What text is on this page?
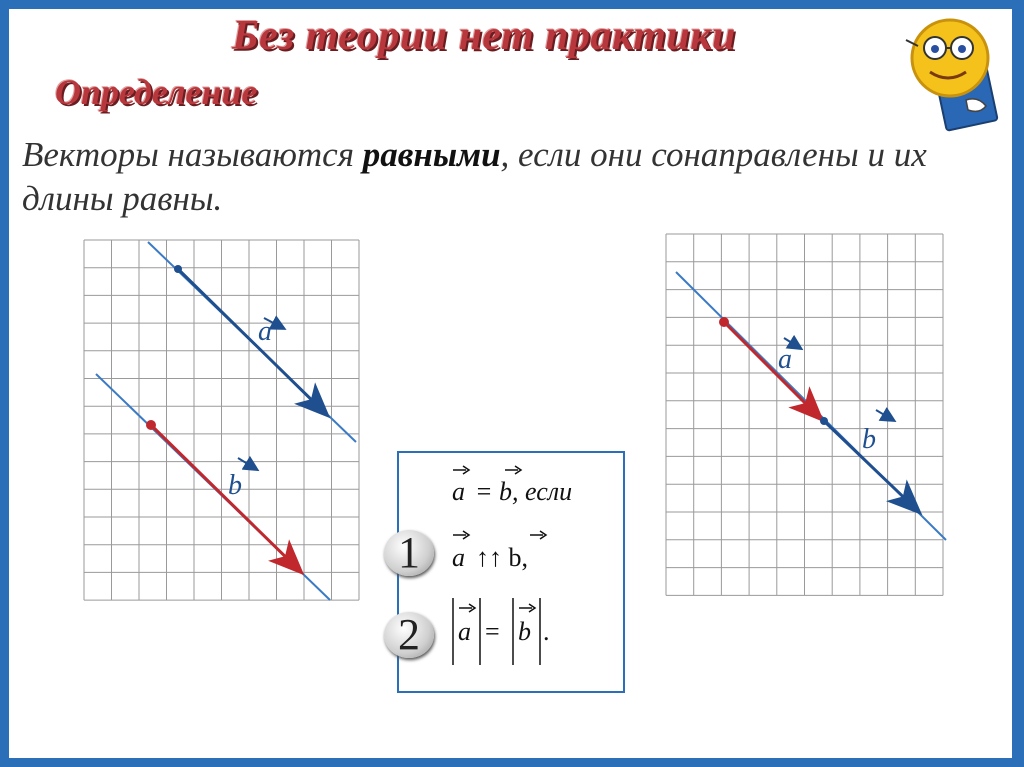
Без теории нет практики
Определение
Векторы называются равными, если они сонаправлены и их длины равны.
a
b
a
b
a = b, если
a ↑↑ b,
a = b .
1
2
